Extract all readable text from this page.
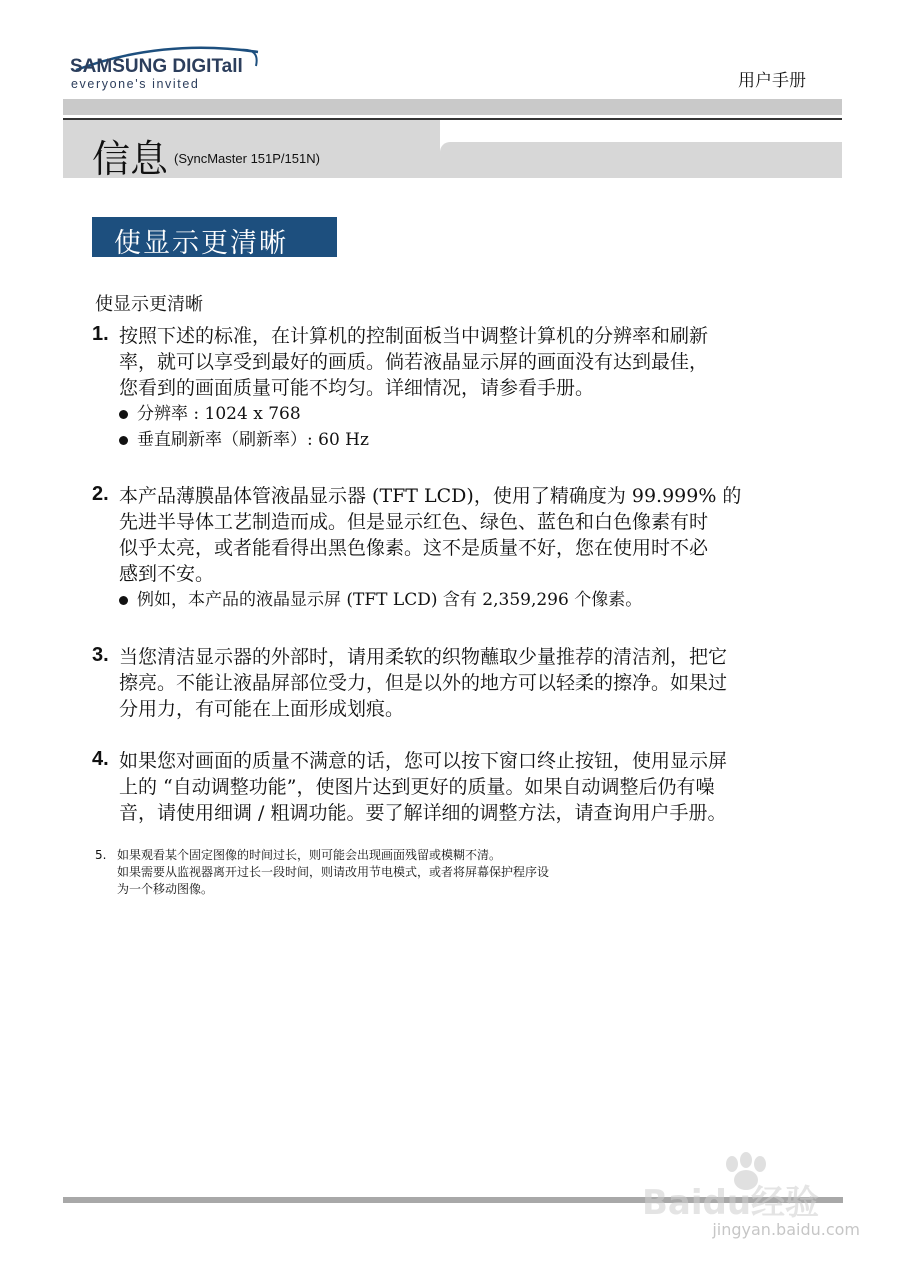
SAMSUNG DIGITall
everyone's invited	用户手册
信息 (SyncMaster 151P/151N)
使显示更清晰
使显示更清晰
1. 按照下述的标准，在计算机的控制面板当中调整计算机的分辨率和刷新
率，就可以享受到最好的画质。倘若液晶显示屏的画面没有达到最佳，
您看到的画面质量可能不均匀。详细情况，请参看手册。
分辨率 : 1024 x 768
垂直刷新率（刷新率）: 60 Hz
2. 本产品薄膜晶体管液晶显示器 (TFT LCD)，使用了精确度为 99.999% 的
先进半导体工艺制造而成。但是显示红色、绿色、蓝色和白色像素有时
似乎太亮，或者能看得出黑色像素。这不是质量不好，您在使用时不必
感到不安。
例如，本产品的液晶显示屏 (TFT LCD) 含有 2,359,296 个像素。
3. 当您清洁显示器的外部时，请用柔软的织物蘸取少量推荐的清洁剂，把它
擦亮。不能让液晶屏部位受力，但是以外的地方可以轻柔的擦净。如果过
分用力，有可能在上面形成划痕。
4. 如果您对画面的质量不满意的话，您可以按下窗口终止按钮，使用显示屏
上的 “自动调整功能”，使图片达到更好的质量。如果自动调整后仍有噪
音，请使用细调 / 粗调功能。要了解详细的调整方法，请查询用户手册。
5. 如果观看某个固定图像的时间过长，则可能会出现画面残留或模糊不清。
如果需要从监视器离开过长一段时间，则请改用节电模式，或者将屏幕保护程序设
为一个移动图像。
Baidu经验
jingyan.baidu.com
